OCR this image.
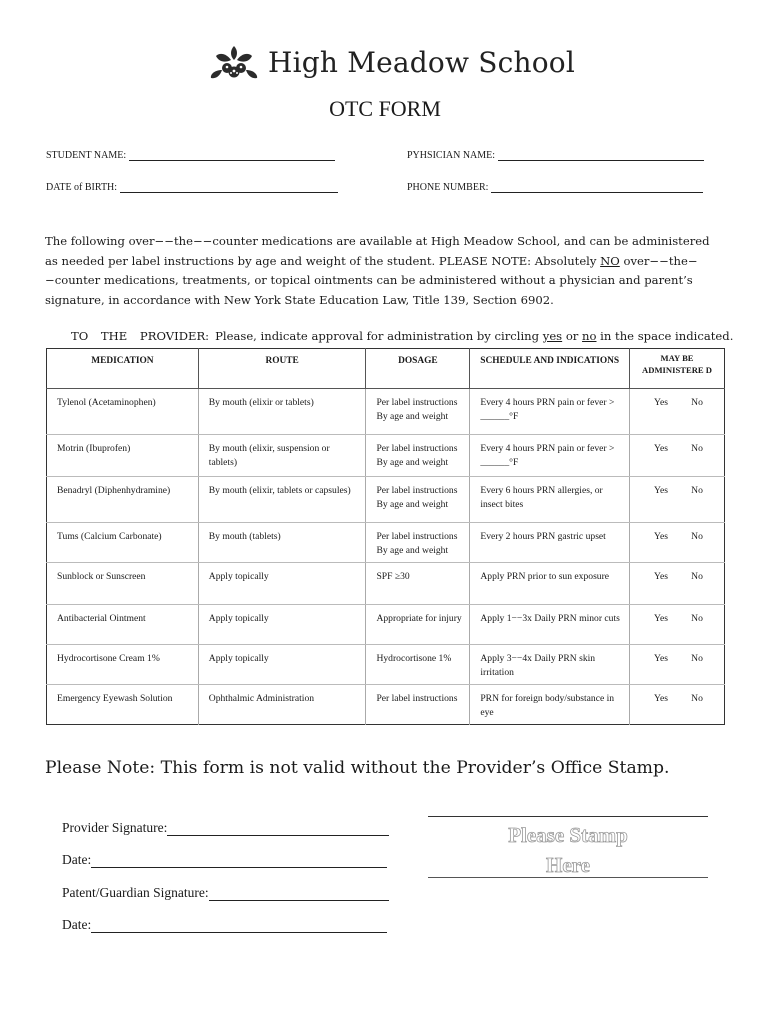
High Meadow School
OTC FORM
STUDENT NAME:	PYHSICIAN NAME:
DATE of BIRTH:	PHONE NUMBER:

The following over−−the−−counter medications are available at High Meadow School, and can be administered as needed per label instructions by age and weight of the student. PLEASE NOTE: Absolutely NO over−−the−−counter medications, treatments, or topical ointments can be administered without a physician and parent’s signature, in accordance with New York State Education Law, Title 139, Section 6902.

TO THE PROVIDER: Please, indicate approval for administration by circling yes or no in the space indicated.
MEDICATION	ROUTE	DOSAGE	SCHEDULE AND INDICATIONS	MAY BE ADMINISTERE D
Tylenol (Acetaminophen)	By mouth (elixir or tablets)	Per label instructions By age and weight	Every 4 hours PRN pain or fever > ______°F	Yes No
Motrin (Ibuprofen)	By mouth (elixir, suspension or tablets)	Per label instructions By age and weight	Every 4 hours PRN pain or fever > ______°F	Yes No
Benadryl (Diphenhydramine)	By mouth (elixir, tablets or capsules)	Per label instructions By age and weight	Every 6 hours PRN allergies, or insect bites	Yes No
Tums (Calcium Carbonate)	By mouth (tablets)	Per label instructions By age and weight	Every 2 hours PRN gastric upset	Yes No
Sunblock or Sunscreen	Apply topically	SPF ≥30	Apply PRN prior to sun exposure	Yes No
Antibacterial Ointment	Apply topically	Appropriate for injury	Apply 1−−3x Daily PRN minor cuts	Yes No
Hydrocortisone Cream 1%	Apply topically	Hydrocortisone 1%	Apply 3−−4x Daily PRN skin irritation	Yes No
Emergency Eyewash Solution	Ophthalmic Administration	Per label instructions	PRN for foreign body/substance in eye	Yes No

Please Note: This form is not valid without the Provider’s Office Stamp.

Provider Signature:
Date:
Patent/Guardian Signature:
Date:
Please Stamp
Here
